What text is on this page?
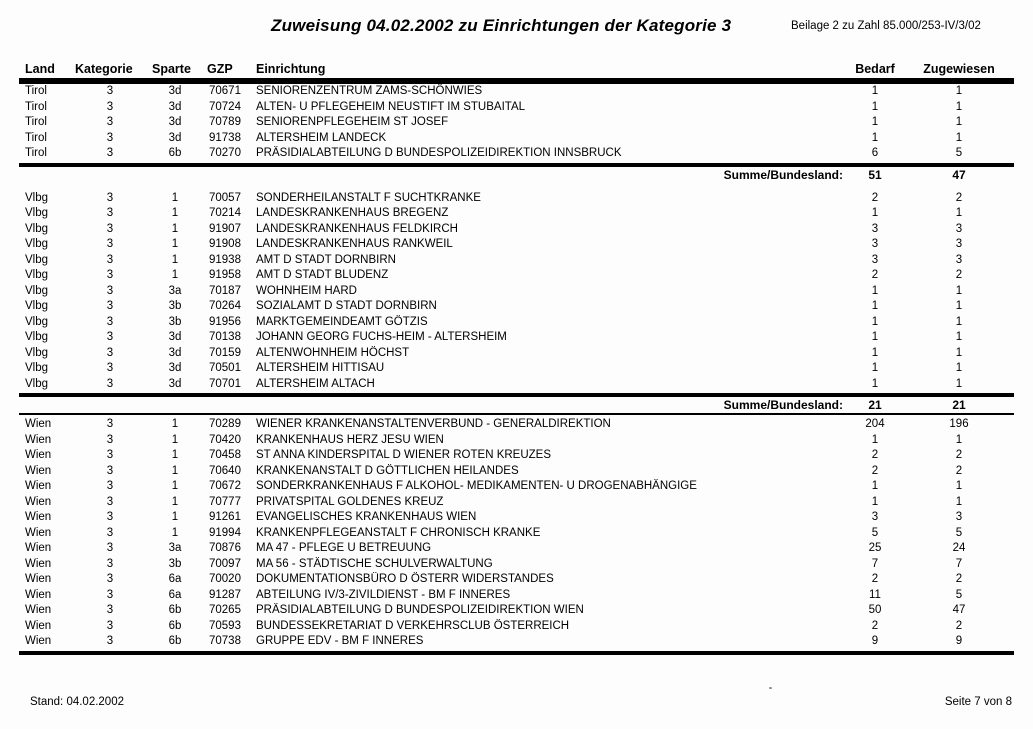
Zuweisung 04.02.2002 zu Einrichtungen der Kategorie 3	Beilage 2 zu Zahl 85.000/253-IV/3/02
Land	Kategorie	Sparte	GZP	Einrichtung	Bedarf	Zugewiesen

Tirol	3	3d	70671	SENIORENZENTRUM ZAMS-SCHÖNWIES	1	1
Tirol	3	3d	70724	ALTEN- U PFLEGEHEIM NEUSTIFT IM STUBAITAL	1	1
Tirol	3	3d	70789	SENIORENPFLEGEHEIM ST JOSEF	1	1
Tirol	3	3d	91738	ALTERSHEIM LANDECK	1	1
Tirol	3	6b	70270	PRÄSIDIALABTEILUNG D BUNDESPOLIZEIDIREKTION INNSBRUCK	6	5
Summe/Bundesland:					51	47

Vlbg	3	1	70057	SONDERHEILANSTALT F SUCHTKRANKE	2	2
Vlbg	3	1	70214	LANDESKRANKENHAUS BREGENZ	1	1
Vlbg	3	1	91907	LANDESKRANKENHAUS FELDKIRCH	3	3
Vlbg	3	1	91908	LANDESKRANKENHAUS RANKWEIL	3	3
Vlbg	3	1	91938	AMT D STADT DORNBIRN	3	3
Vlbg	3	1	91958	AMT D STADT BLUDENZ	2	2
Vlbg	3	3a	70187	WOHNHEIM HARD	1	1
Vlbg	3	3b	70264	SOZIALAMT D STADT DORNBIRN	1	1
Vlbg	3	3b	91956	MARKTGEMEINDEAMT GÖTZIS	1	1
Vlbg	3	3d	70138	JOHANN GEORG FUCHS-HEIM - ALTERSHEIM	1	1
Vlbg	3	3d	70159	ALTENWOHNHEIM HÖCHST	1	1
Vlbg	3	3d	70501	ALTERSHEIM HITTISAU	1	1
Vlbg	3	3d	70701	ALTERSHEIM ALTACH	1	1
Summe/Bundesland:					21	21

Wien	3	1	70289	WIENER KRANKENANSTALTENVERBUND - GENERALDIREKTION	204	196
Wien	3	1	70420	KRANKENHAUS HERZ JESU WIEN	1	1
Wien	3	1	70458	ST ANNA KINDERSPITAL D WIENER ROTEN KREUZES	2	2
Wien	3	1	70640	KRANKENANSTALT D GÖTTLICHEN HEILANDES	2	2
Wien	3	1	70672	SONDERKRANKENHAUS F ALKOHOL- MEDIKAMENTEN- U DROGENABHÄNGIGE	1	1
Wien	3	1	70777	PRIVATSPITAL GOLDENES KREUZ	1	1
Wien	3	1	91261	EVANGELISCHES KRANKENHAUS WIEN	3	3
Wien	3	1	91994	KRANKENPFLEGEANSTALT F CHRONISCH KRANKE	5	5
Wien	3	3a	70876	MA 47 - PFLEGE U BETREUUNG	25	24
Wien	3	3b	70097	MA 56 - STÄDTISCHE SCHULVERWALTUNG	7	7
Wien	3	6a	70020	DOKUMENTATIONSBÜRO D ÖSTERR WIDERSTANDES	2	2
Wien	3	6a	91287	ABTEILUNG IV/3-ZIVILDIENST - BM F INNERES	11	5
Wien	3	6b	70265	PRÄSIDIALABTEILUNG D BUNDESPOLIZEIDIREKTION WIEN	50	47
Wien	3	6b	70593	BUNDESSEKRETARIAT D VERKEHRSCLUB ÖSTERREICH	2	2
Wien	3	6b	70738	GRUPPE EDV - BM F INNERES	9	9
Stand: 04.02.2002	Seite 7 von 8
